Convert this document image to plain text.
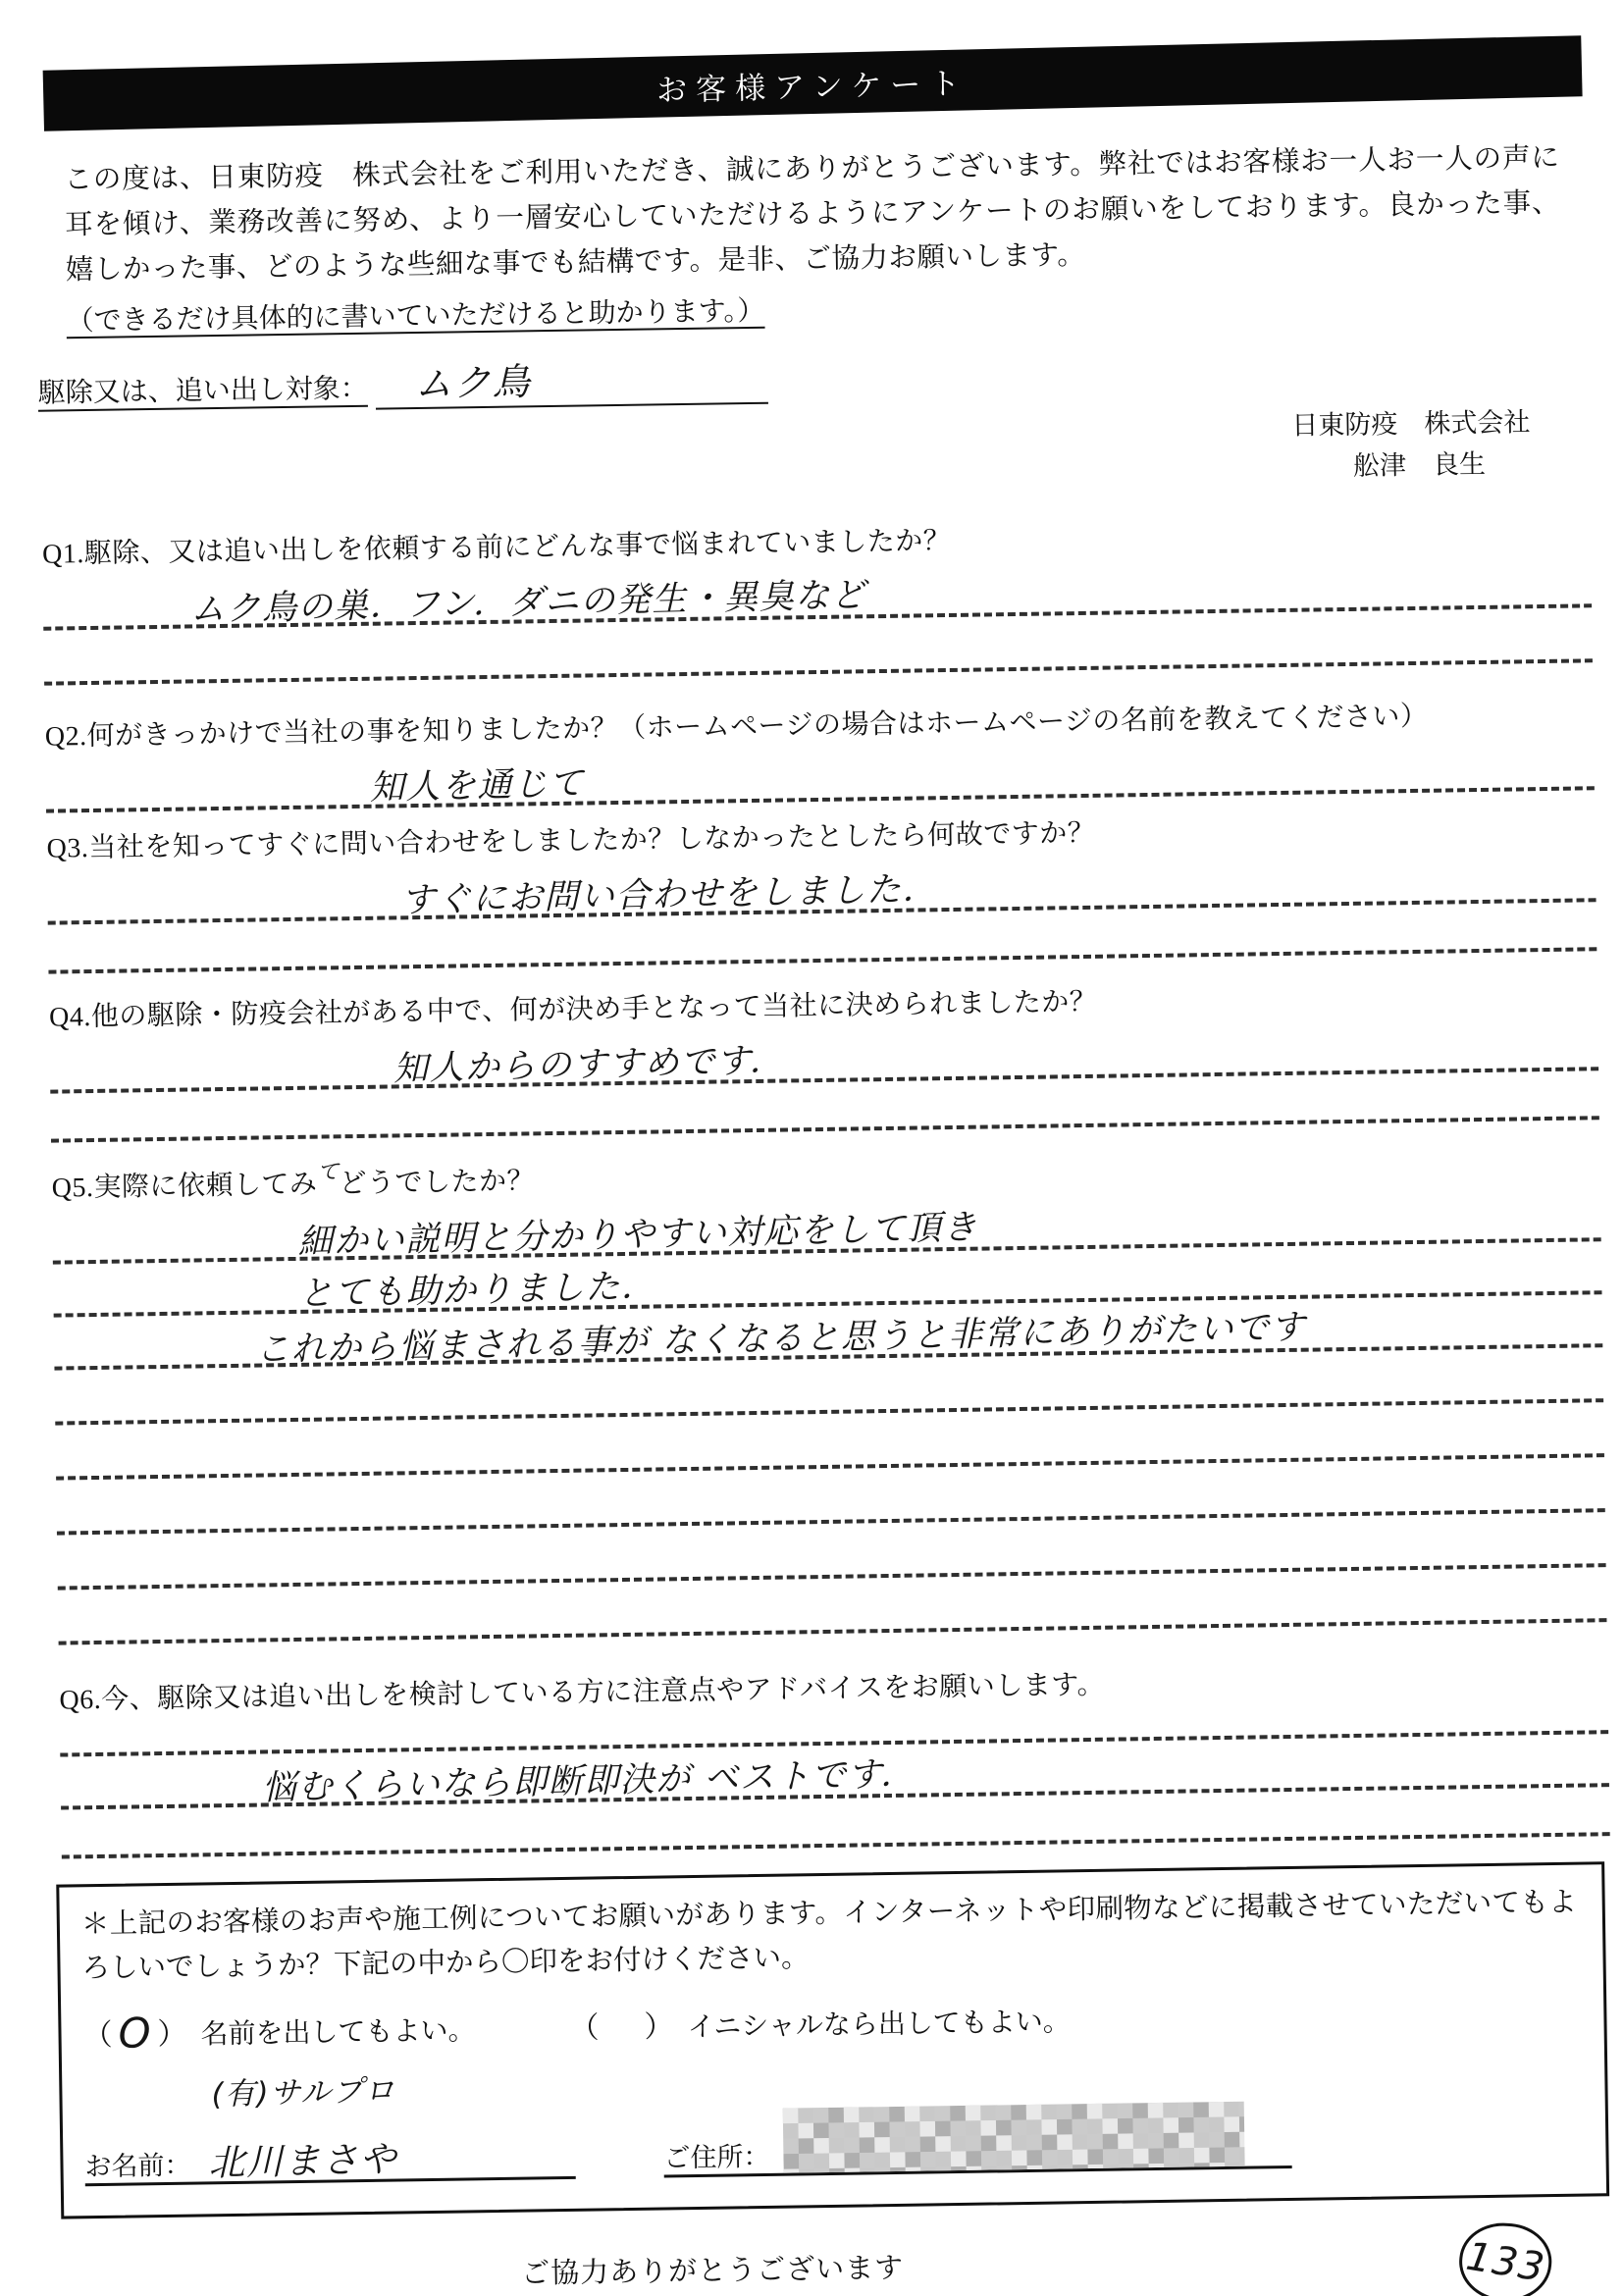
お客様アンケート

この度は、日東防疫　株式会社をご利用いただき、誠にありがとうございます。弊社ではお客様お一人お一人の声に耳を傾け、業務改善に努め、より一層安心していただけるようにアンケートのお願いをしております。良かった事、嬉しかった事、どのような些細な事でも結構です。是非、ご協力お願いします。

（できるだけ具体的に書いていただけると助かります。）
駆除又は、追い出し対象： ムク鳥
日東防疫　株式会社
舩津　良生
Q1.駆除、又は追い出しを依頼する前にどんな事で悩まれていましたか？
ムク鳥の巣．フン．ダニの発生・異臭など
Q2.何がきっかけで当社の事を知りましたか？（ホームページの場合はホームページの名前を教えてください）
知人を通じて
Q3.当社を知ってすぐに問い合わせをしましたか？しなかったとしたら何故ですか？
すぐにお問い合わせをしました．
Q4.他の駆除・防疫会社がある中で、何が決め手となって当社に決められましたか？
知人からのすすめです．
Q5.実際に依頼してみてどうでしたか？
細かい説明と分かりやすい対応をして頂き
とても助かりました．
これから悩まされる事が なくなると思うと非常にありがたいです
Q6.今、駆除又は追い出しを検討している方に注意点やアドバイスをお願いします。
悩むくらいなら即断即決が ベストです．

＊上記のお客様のお声や施工例についてお願いがあります。インターネットや印刷物などに掲載させていただいてもよろしいでしょうか？下記の中から〇印をお付けください。

（ O ） 名前を出してもよい。	（ ） イニシャルなら出してもよい。
(有)サルプロ
お名前： 北川まさや	ご住所：
ご協力ありがとうございます	133
